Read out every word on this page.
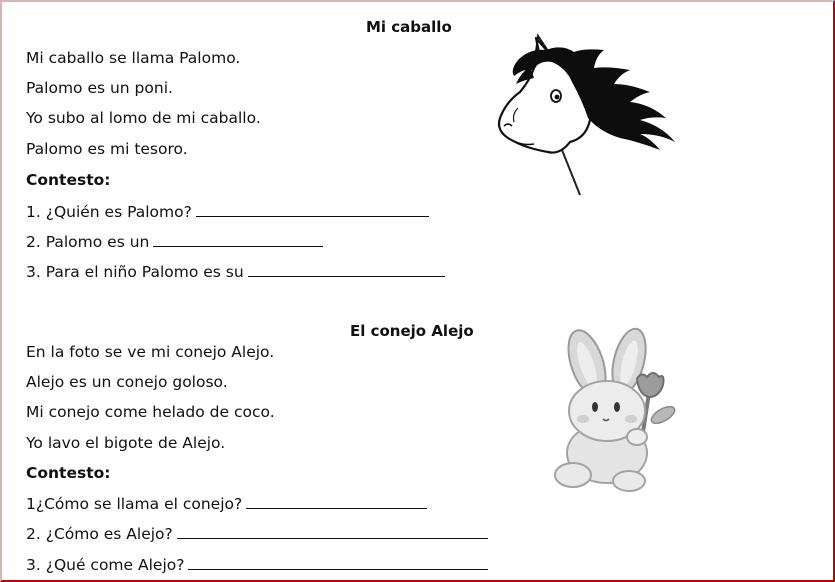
Mi caballo
Mi caballo se llama Palomo.
Palomo es un poni.
Yo subo al lomo de mi caballo.
Palomo es mi tesoro.
Contesto:
1. ¿Quién es Palomo?
2. Palomo es un
3. Para el niño Palomo es su
El conejo Alejo
En la foto se ve mi conejo Alejo.
Alejo es un conejo goloso.
Mi conejo come helado de coco.
Yo lavo el bigote de Alejo.
Contesto:
1¿Cómo se llama el conejo?
2. ¿Cómo es Alejo?
3. ¿Qué come Alejo?
